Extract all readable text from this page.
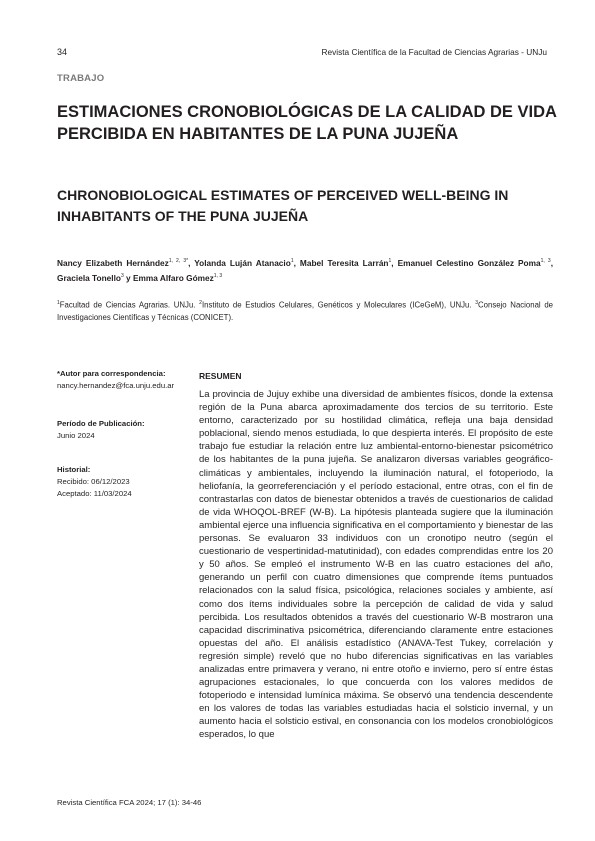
34	Revista Científica de la Facultad de Ciencias Agrarias - UNJu
TRABAJO
ESTIMACIONES CRONOBIOLÓGICAS DE LA CALIDAD DE VIDA PERCIBIDA EN HABITANTES DE LA PUNA JUJEÑA
CHRONOBIOLOGICAL ESTIMATES OF PERCEIVED WELL-BEING IN INHABITANTS OF THE PUNA JUJEÑA
Nancy Elizabeth Hernández$^{1, 2, 3*}$, Yolanda Luján Atanacio$^1$, Mabel Teresita Larrán$^1$, Emanuel Celestino González Poma$^{1, 3}$, Graciela Tonello$^3$ y Emma Alfaro Gómez$^{1, 3}$
$^1$Facultad de Ciencias Agrarias. UNJu. $^2$Instituto de Estudios Celulares, Genéticos y Moleculares (ICeGeM), UNJu. $^3$Consejo Nacional de Investigaciones Científicas y Técnicas (CONICET).
*Autor para correspondencia:
nancy.hernandez@fca.unju.edu.ar
Período de Publicación:
Junio 2024
Historial:
Recibido: 06/12/2023
Aceptado: 11/03/2024
RESUMEN
La provincia de Jujuy exhibe una diversidad de ambientes físicos, donde la extensa región de la Puna abarca aproximadamente dos tercios de su territorio. Este entorno, caracterizado por su hostilidad climática, refleja una baja densidad poblacional, siendo menos estudiada, lo que despierta interés. El propósito de este trabajo fue estudiar la relación entre luz ambiental-entorno-bienestar psicométrico de los habitantes de la puna jujeña. Se analizaron diversas variables geográfico-climáticas y ambientales, incluyendo la iluminación natural, el fotoperiodo, la heliofanía, la georreferenciación y el período estacional, entre otras, con el fin de contrastarlas con datos de bienestar obtenidos a través de cuestionarios de calidad de vida WHOQOL-BREF (W-B). La hipótesis planteada sugiere que la iluminación ambiental ejerce una influencia significativa en el comportamiento y bienestar de las personas. Se evaluaron 33 individuos con un cronotipo neutro (según el cuestionario de vespertinidad-matutinidad), con edades comprendidas entre los 20 y 50 años. Se empleó el instrumento W-B en las cuatro estaciones del año, generando un perfil con cuatro dimensiones que comprende ítems puntuados relacionados con la salud física, psicológica, relaciones sociales y ambiente, así como dos ítems individuales sobre la percepción de calidad de vida y salud percibida. Los resultados obtenidos a través del cuestionario W-B mostraron una capacidad discriminativa psicométrica, diferenciando claramente entre estaciones opuestas del año. El análisis estadístico (ANAVA-Test Tukey, correlación y regresión simple) reveló que no hubo diferencias significativas en las variables analizadas entre primavera y verano, ni entre otoño e invierno, pero sí entre éstas agrupaciones estacionales, lo que concuerda con los valores medidos de fotoperiodo e intensidad lumínica máxima. Se observó una tendencia descendente en los valores de todas las variables estudiadas hacia el solsticio invernal, y un aumento hacia el solsticio estival, en consonancia con los modelos cronobiológicos esperados, lo que
Revista Científica FCA 2024; 17 (1): 34-46
